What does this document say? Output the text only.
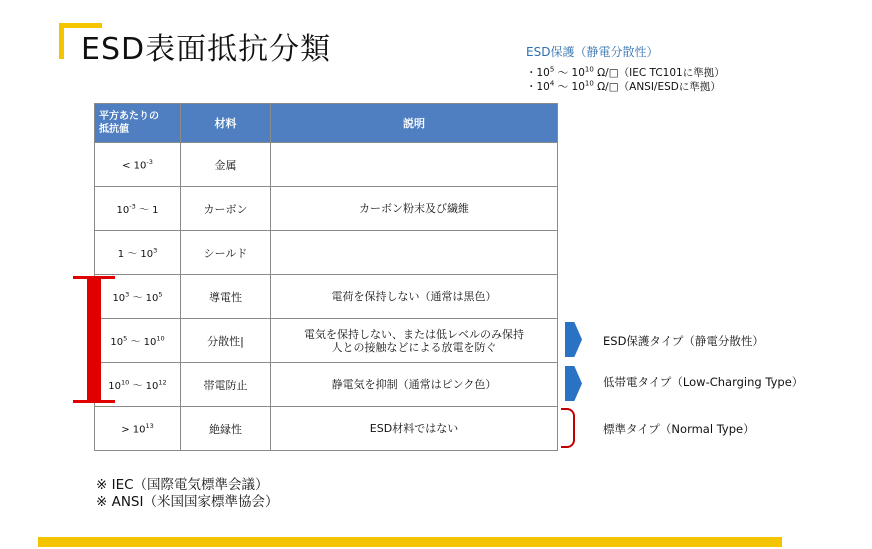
ESD表面抵抗分類	ESD保護（静電分散性）
・$10^5$ 〜 $10^{10}$ Ω/□（IEC TC101に準拠）
・$10^4$ 〜 $10^{10}$ Ω/□（ANSI/ESDに準拠）
平方あたりの
抵抗値	材料	説明
< $10^{-3}$	金属	

$10^{-3}$ 〜 1	カーボン	カーボン粉末及び繊維

1 〜 $10^3$	シールド	

$10^3$ 〜 $10^5$	導電性	電荷を保持しない（通常は黒色）

$10^5$ 〜 $10^{10}$	分散性|	電気を保持しない、または低レベルのみ保持
人との接触などによる放電を防ぐ
$10^{10}$ 〜 $10^{12}$	帯電防止	静電気を抑制（通常はピンク色）

> $10^{13}$	絶縁性	ESD材料ではない

ESD保護タイプ（静電分散性）
低帯電タイプ（Low-Charging Type）
標準タイプ（Normal Type）
※ IEC（国際電気標準会議）
※ ANSI（米国国家標準協会）
